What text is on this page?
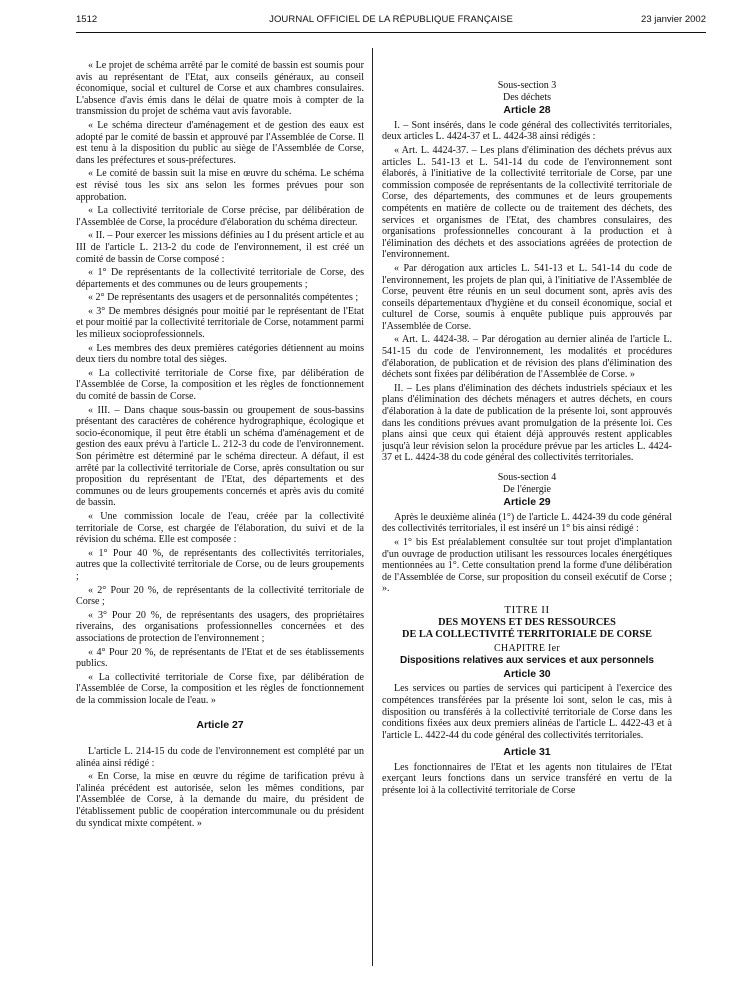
1512	JOURNAL OFFICIEL DE LA RÉPUBLIQUE FRANÇAISE	23 janvier 2002

« Le projet de schéma arrêté par le comité de bassin est soumis pour avis au représentant de l'Etat, aux conseils généraux, au conseil économique, social et culturel de Corse et aux chambres consulaires. L'absence d'avis émis dans le délai de quatre mois à compter de la transmission du projet de schéma vaut avis favorable.

« Le schéma directeur d'aménagement et de gestion des eaux est adopté par le comité de bassin et approuvé par l'Assemblée de Corse. Il est tenu à la disposition du public au siège de l'Assemblée de Corse, dans les préfectures et sous-préfectures.

« Le comité de bassin suit la mise en œuvre du schéma. Le schéma est révisé tous les six ans selon les formes prévues pour son approbation.

« La collectivité territoriale de Corse précise, par délibération de l'Assemblée de Corse, la procédure d'élaboration du schéma directeur.

« II. – Pour exercer les missions définies au I du présent article et au III de l'article L. 213-2 du code de l'environnement, il est créé un comité de bassin de Corse composé :

« 1° De représentants de la collectivité territoriale de Corse, des départements et des communes ou de leurs groupements ;

« 2° De représentants des usagers et de personnalités compétentes ;

« 3° De membres désignés pour moitié par le représentant de l'Etat et pour moitié par la collectivité territoriale de Corse, notamment parmi les milieux socioprofessionnels.

« Les membres des deux premières catégories détiennent au moins deux tiers du nombre total des sièges.

« La collectivité territoriale de Corse fixe, par délibération de l'Assemblée de Corse, la composition et les règles de fonctionnement du comité de bassin de Corse.

« III. – Dans chaque sous-bassin ou groupement de sous-bassins présentant des caractères de cohérence hydrographique, écologique et socio-économique, il peut être établi un schéma d'aménagement et de gestion des eaux prévu à l'article L. 212-3 du code de l'environnement. Son périmètre est déterminé par le schéma directeur. A défaut, il est arrêté par la collectivité territoriale de Corse, après consultation ou sur proposition du représentant de l'Etat, des départements et des communes ou de leurs groupements concernés et après avis du comité de bassin.

« Une commission locale de l'eau, créée par la collectivité territoriale de Corse, est chargée de l'élaboration, du suivi et de la révision du schéma. Elle est composée :

« 1° Pour 40 %, de représentants des collectivités territoriales, autres que la collectivité territoriale de Corse, ou de leurs groupements ;

« 2° Pour 20 %, de représentants de la collectivité territoriale de Corse ;

« 3° Pour 20 %, de représentants des usagers, des propriétaires riverains, des organisations professionnelles concernées et des associations de protection de l'environnement ;

« 4° Pour 20 %, de représentants de l'Etat et de ses établissements publics.

« La collectivité territoriale de Corse fixe, par délibération de l'Assemblée de Corse, la composition et les règles de fonctionnement de la commission locale de l'eau. »

Article 27

L'article L. 214-15 du code de l'environnement est complété par un alinéa ainsi rédigé :

« En Corse, la mise en œuvre du régime de tarification prévu à l'alinéa précédent est autorisée, selon les mêmes conditions, par l'Assemblée de Corse, à la demande du maire, du président de l'établissement public de coopération intercommunale ou du président du syndicat mixte compétent. »

Sous-section 3
Des déchets
Article 28

I. – Sont insérés, dans le code général des collectivités territoriales, deux articles L. 4424-37 et L. 4424-38 ainsi rédigés :

« Art. L. 4424-37. – Les plans d'élimination des déchets prévus aux articles L. 541-13 et L. 541-14 du code de l'environnement sont élaborés, à l'initiative de la collectivité territoriale de Corse, par une commission composée de représentants de la collectivité territoriale de Corse, des départements, des communes et de leurs groupements compétents en matière de collecte ou de traitement des déchets, des services et organismes de l'Etat, des chambres consulaires, des organisations professionnelles concourant à la production et à l'élimination des déchets et des associations agréées de protection de l'environnement.

« Par dérogation aux articles L. 541-13 et L. 541-14 du code de l'environnement, les projets de plan qui, à l'initiative de l'Assemblée de Corse, peuvent être réunis en un seul document sont, après avis des conseils départementaux d'hygiène et du conseil économique, social et culturel de Corse, soumis à enquête publique puis approuvés par l'Assemblée de Corse.

« Art. L. 4424-38. – Par dérogation au dernier alinéa de l'article L. 541-15 du code de l'environnement, les modalités et procédures d'élaboration, de publication et de révision des plans d'élimination des déchets sont fixées par délibération de l'Assemblée de Corse. »

II. – Les plans d'élimination des déchets industriels spéciaux et les plans d'élimination des déchets ménagers et autres déchets, en cours d'élaboration à la date de publication de la présente loi, sont approuvés dans les conditions prévues avant promulgation de la présente loi. Ces plans ainsi que ceux qui étaient déjà approuvés restent applicables jusqu'à leur révision selon la procédure prévue par les articles L. 4424-37 et L. 4424-38 du code général des collectivités territoriales.

Sous-section 4
De l'énergie
Article 29

Après le deuxième alinéa (1°) de l'article L. 4424-39 du code général des collectivités territoriales, il est inséré un 1° bis ainsi rédigé :

« 1° bis Est préalablement consultée sur tout projet d'implantation d'un ouvrage de production utilisant les ressources locales énergétiques mentionnées au 1°. Cette consultation prend la forme d'une délibération de l'Assemblée de Corse, sur proposition du conseil exécutif de Corse ; ».

TITRE II
DES MOYENS ET DES RESSOURCES
DE LA COLLECTIVITÉ TERRITORIALE DE CORSE
CHAPITRE Ier
Dispositions relatives aux services et aux personnels
Article 30

Les services ou parties de services qui participent à l'exercice des compétences transférées par la présente loi sont, selon le cas, mis à disposition ou transférés à la collectivité territoriale de Corse dans les conditions fixées aux deux premiers alinéas de l'article L. 4422-43 et à l'article L. 4422-44 du code général des collectivités territoriales.

Article 31

Les fonctionnaires de l'Etat et les agents non titulaires de l'Etat exerçant leurs fonctions dans un service transféré en vertu de la présente loi à la collectivité territoriale de Corse
